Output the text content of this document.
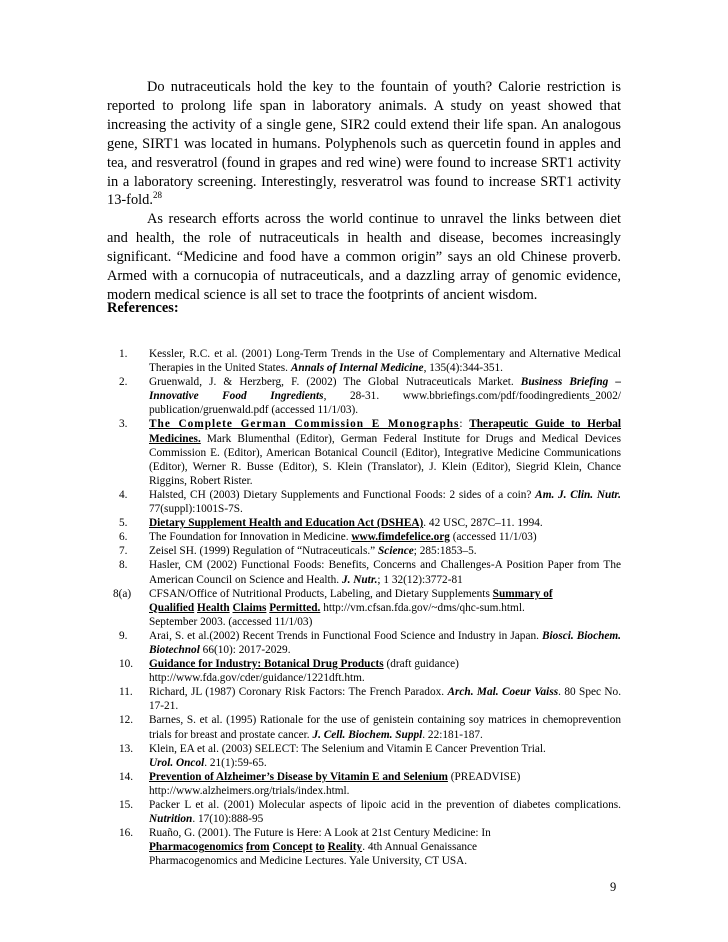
Do nutraceuticals hold the key to the fountain of youth? Calorie restriction is reported to prolong life span in laboratory animals. A study on yeast showed that increasing the activity of a single gene, SIR2 could extend their life span. An analogous gene, SIRT1 was located in humans. Polyphenols such as quercetin found in apples and tea, and resveratrol (found in grapes and red wine) were found to increase SRT1 activity in a laboratory screening. Interestingly, resveratrol was found to increase SRT1 activity 13-fold.$^{28}$

As research efforts across the world continue to unravel the links between diet and health, the role of nutraceuticals in health and disease, becomes increasingly significant. “Medicine and food have a common origin” says an old Chinese proverb. Armed with a cornucopia of nutraceuticals, and a dazzling array of genomic evidence, modern medical science is all set to trace the footprints of ancient wisdom.

References:
1.	Kessler, R.C. et al. (2001) Long-Term Trends in the Use of Complementary and Alternative Medical Therapies in the United States. Annals of Internal Medicine, 135(4):344-351.
2.	Gruenwald, J. & Herzberg, F. (2002) The Global Nutraceuticals Market. Business Briefing – Innovative Food Ingredients, 28-31. www.bbriefings.com/pdf/foodingredients_2002/ publication/gruenwald.pdf (accessed 11/1/03).
3.	The Complete German Commission E Monographs: Therapeutic Guide to Herbal Medicines. Mark Blumenthal (Editor), German Federal Institute for Drugs and Medical Devices Commission E. (Editor), American Botanical Council (Editor), Integrative Medicine Communications (Editor), Werner R. Busse (Editor), S. Klein (Translator), J. Klein (Editor), Siegrid Klein, Chance Riggins, Robert Rister.
4.	Halsted, CH (2003) Dietary Supplements and Functional Foods: 2 sides of a coin? Am. J. Clin. Nutr. 77(suppl):1001S-7S.
5.	Dietary Supplement Health and Education Act (DSHEA). 42 USC, 287C–11. 1994.
6.	The Foundation for Innovation in Medicine. www.fimdefelice.org (accessed 11/1/03)
7.	Zeisel SH. (1999) Regulation of “Nutraceuticals.” Science; 285:1853–5.
8.	Hasler, CM (2002) Functional Foods: Benefits, Concerns and Challenges-A Position Paper from The American Council on Science and Health. J. Nutr.; 1 32(12):3772-81
8(a)	CFSAN/Office of Nutritional Products, Labeling, and Dietary Supplements Summary of
Qualified Health Claims Permitted. http://vm.cfsan.fda.gov/~dms/qhc-sum.html.
September 2003. (accessed 11/1/03)
9.	Arai, S. et al.(2002) Recent Trends in Functional Food Science and Industry in Japan. Biosci. Biochem. Biotechnol 66(10): 2017-2029.
10.	Guidance for Industry: Botanical Drug Products (draft guidance)
http://www.fda.gov/cder/guidance/1221dft.htm.
11.	Richard, JL (1987) Coronary Risk Factors: The French Paradox. Arch. Mal. Coeur Vaiss. 80 Spec No. 17-21.
12.	Barnes, S. et al. (1995) Rationale for the use of genistein containing soy matrices in chemoprevention trials for breast and prostate cancer. J. Cell. Biochem. Suppl. 22:181-187.
13.	Klein, EA et al. (2003) SELECT: The Selenium and Vitamin E Cancer Prevention Trial.
Urol. Oncol. 21(1):59-65.
14.	Prevention of Alzheimer’s Disease by Vitamin E and Selenium (PREADVISE)
http://www.alzheimers.org/trials/index.html.
15.	Packer L et al. (2001) Molecular aspects of lipoic acid in the prevention of diabetes complications. Nutrition. 17(10):888-95
16.	Ruaño, G. (2001). The Future is Here: A Look at 21st Century Medicine: In
Pharmacogenomics from Concept to Reality. 4th Annual Genaissance
Pharmacogenomics and Medicine Lectures. Yale University, CT USA.
9
